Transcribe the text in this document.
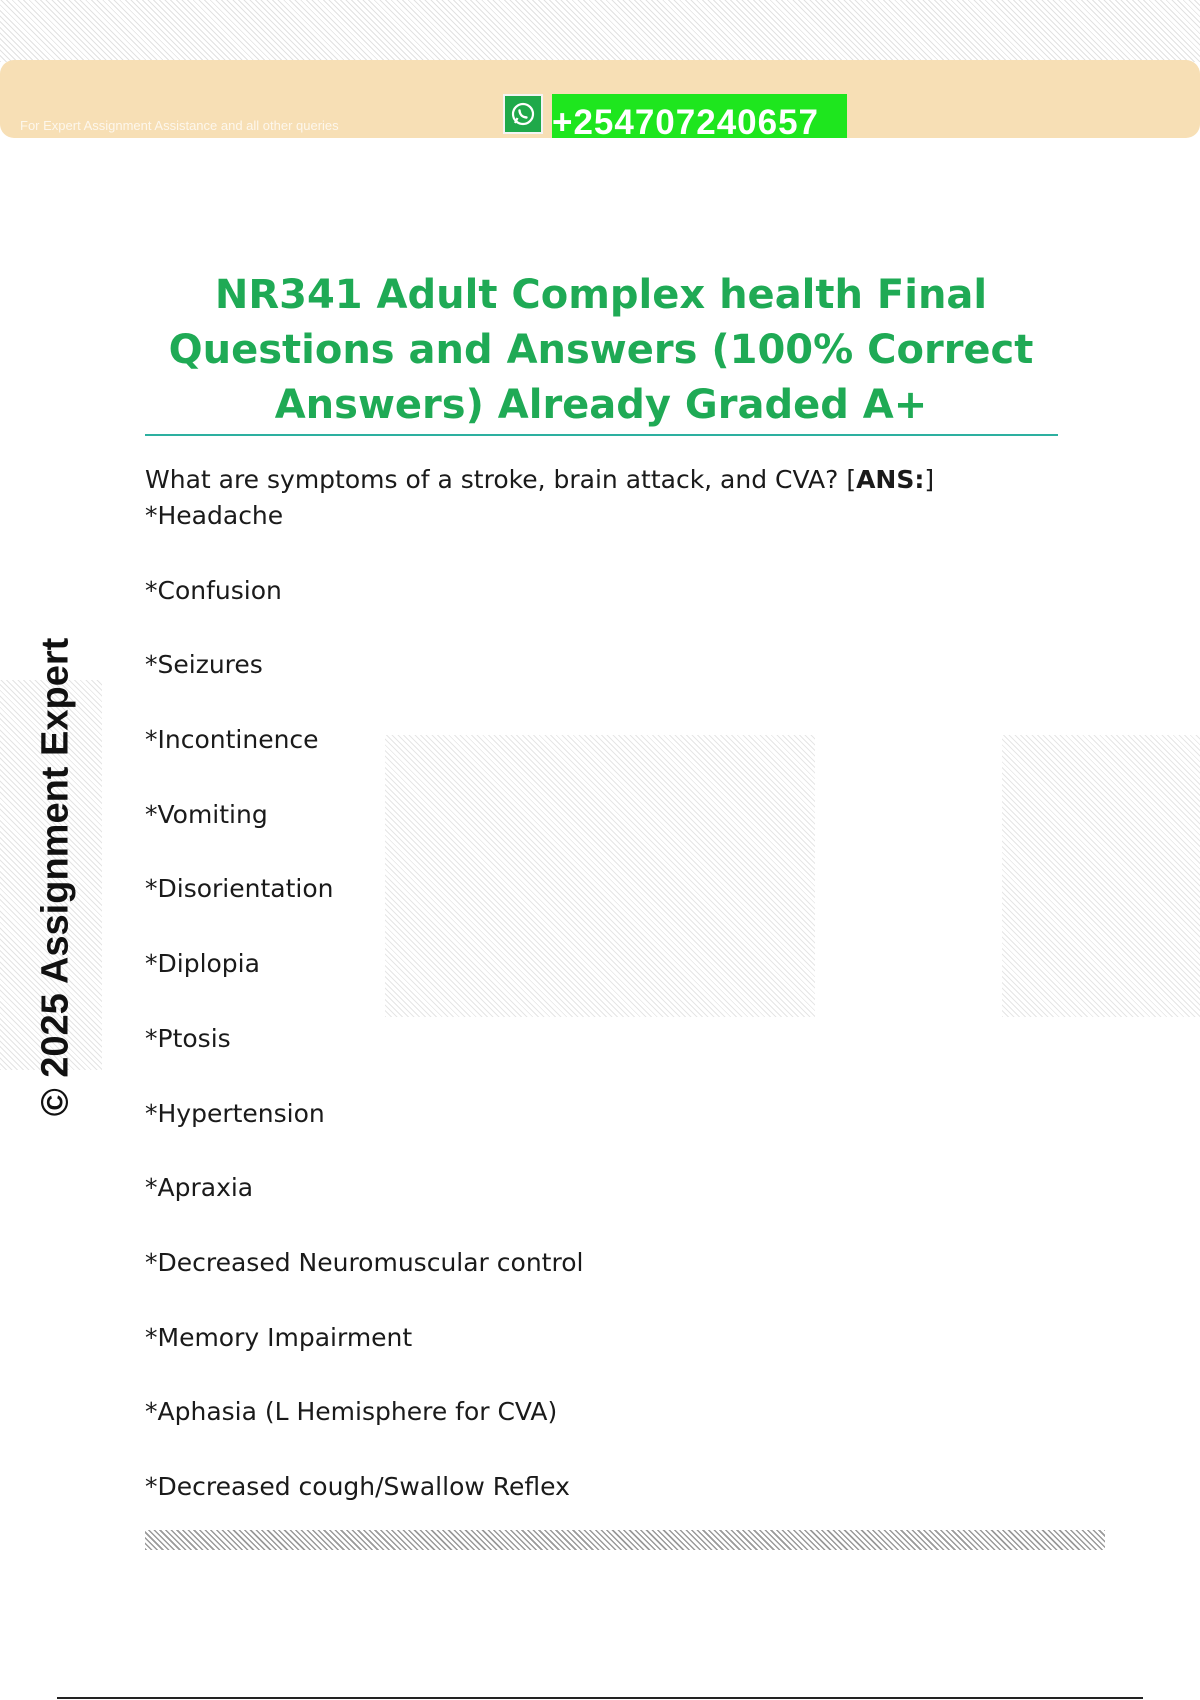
For Expert Assignment Assistance and all other queries	+254707240657
© 2025 Assignment Expert
NR341 Adult Complex health Final Questions and Answers (100% Correct Answers) Already Graded A+
What are symptoms of a stroke, brain attack, and CVA? [ANS:]
*Headache
*Confusion
*Seizures
*Incontinence
*Vomiting
*Disorientation
*Diplopia
*Ptosis
*Hypertension
*Apraxia
*Decreased Neuromuscular control
*Memory Impairment
*Aphasia (L Hemisphere for CVA)
*Decreased cough/Swallow Reflex
